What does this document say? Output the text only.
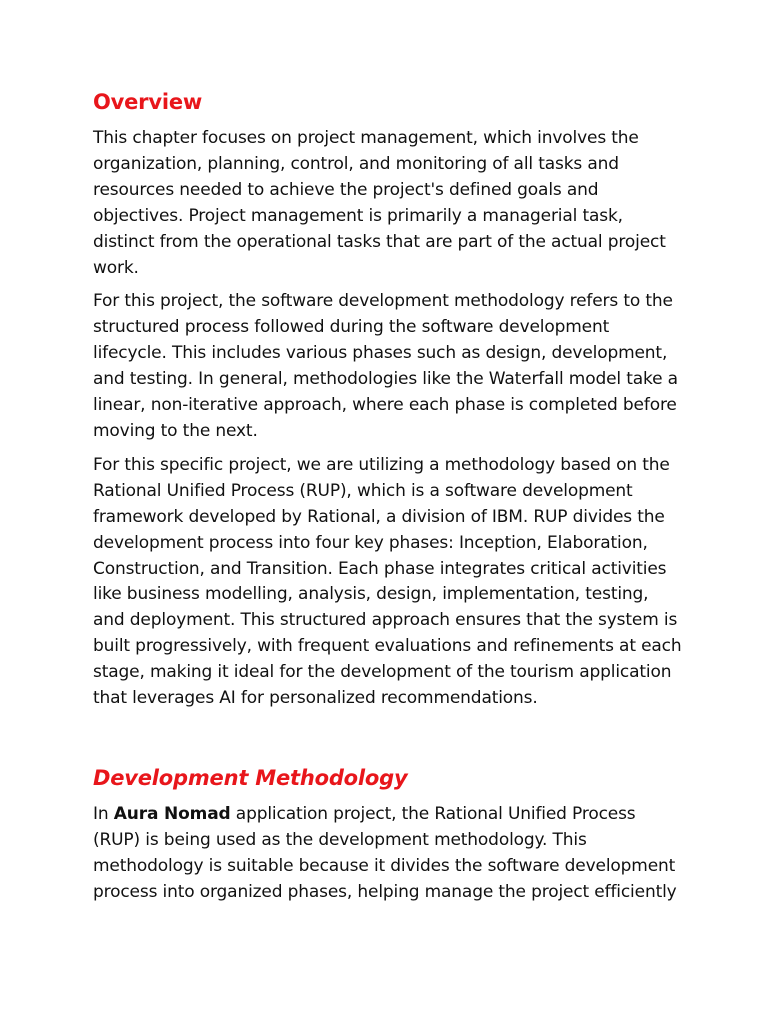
Overview

This chapter focuses on project management, which involves the organization, planning, control, and monitoring of all tasks and resources needed to achieve the project's defined goals and objectives. Project management is primarily a managerial task, distinct from the operational tasks that are part of the actual project work.

For this project, the software development methodology refers to the structured process followed during the software development lifecycle. This includes various phases such as design, development, and testing. In general, methodologies like the Waterfall model take a linear, non-iterative approach, where each phase is completed before moving to the next.

For this specific project, we are utilizing a methodology based on the Rational Unified Process (RUP), which is a software development framework developed by Rational, a division of IBM. RUP divides the development process into four key phases: Inception, Elaboration, Construction, and Transition. Each phase integrates critical activities like business modelling, analysis, design, implementation, testing, and deployment. This structured approach ensures that the system is built progressively, with frequent evaluations and refinements at each stage, making it ideal for the development of the tourism application that leverages AI for personalized recommendations.

Development Methodology

In Aura Nomad application project, the Rational Unified Process (RUP) is being used as the development methodology. This methodology is suitable because it divides the software development process into organized phases, helping manage the project efficiently
